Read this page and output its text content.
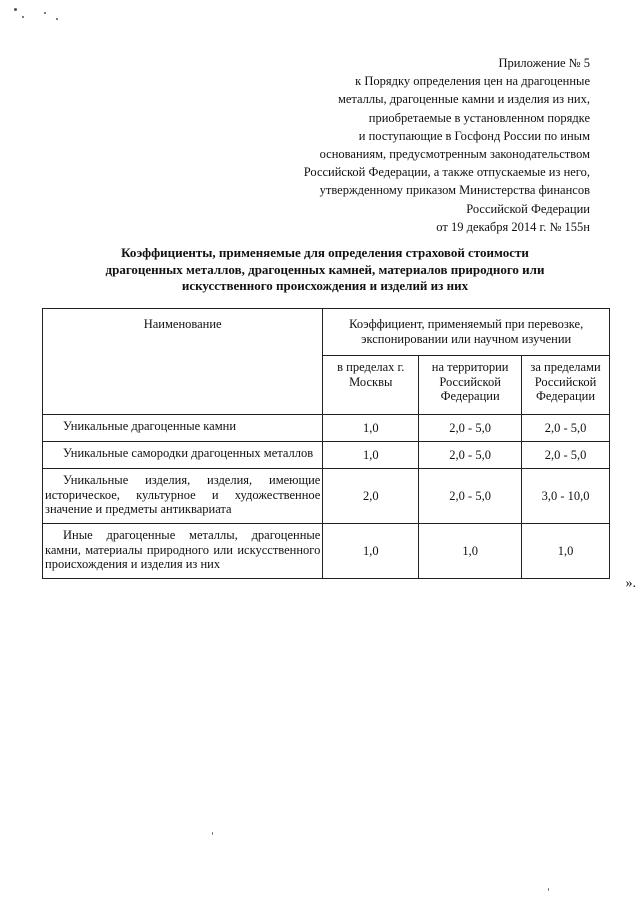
Приложение № 5
к Порядку определения цен на драгоценные
металлы, драгоценные камни и изделия из них,
приобретаемые в установленном порядке
и поступающие в Госфонд России по иным
основаниям, предусмотренным законодательством
Российской Федерации, а также отпускаемые из него,
утвержденному приказом Министерства финансов
Российской Федерации
от 19 декабря 2014 г. № 155н
Коэффициенты, применяемые для определения страховой стоимости
драгоценных металлов, драгоценных камней, материалов природного или
искусственного происхождения и изделий из них
Наименование	Коэффициент, применяемый при перевозке, экспонировании или научном изучении		
	в пределах г. Москвы	на территории Российской Федерации	за пределами Российской Федерации
Уникальные драгоценные камни	1,0	2,0 - 5,0	2,0 - 5,0
Уникальные самородки драгоценных металлов	1,0	2,0 - 5,0	2,0 - 5,0
Уникальные изделия, изделия, имеющие историческое, культурное и художественное значение и предметы антиквариата	2,0	2,0 - 5,0	3,0 - 10,0
Иные драгоценные металлы, драгоценные камни, материалы природного или искусственного происхождения и изделия из них	1,0	1,0	1,0
».
